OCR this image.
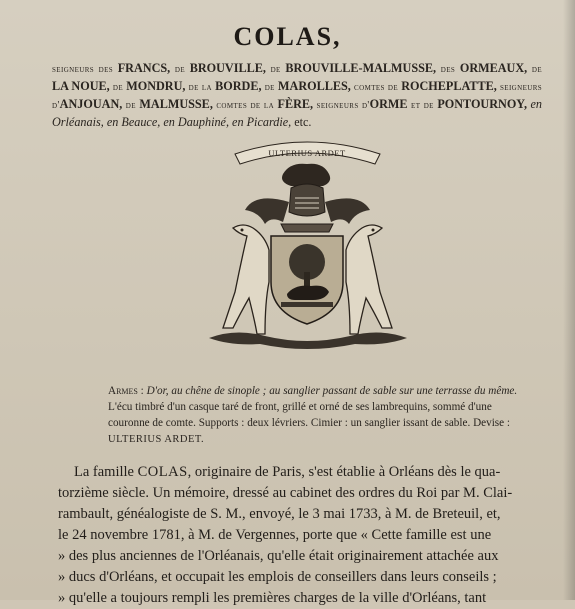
COLAS,
seigneurs des FRANCS, de BROUVILLE, de BROUVILLE-MALMUSSE, des ORMEAUX, de LA NOUE, de MONDRU, de la BORDE, de MAROLLES, comtes de ROCHEPLATTE, seigneurs d'ANJOUAN, de MALMUSSE, comtes de la FÈRE, seigneurs d'ORME et de PONTOURNOY, en Orléanais, en Beauce, en Dauphiné, en Picardie, etc.
ULTERIUS ARDET
Armes : D'or, au chêne de sinople ; au sanglier passant de sable sur une terrasse du même. L'écu timbré d'un casque taré de front, grillé et orné de ses lambrequins, sommé d'une couronne de comte. Supports : deux lévriers. Cimier : un sanglier issant de sable. Devise : ULTERIUS ARDET.

La famille COLAS, originaire de Paris, s'est établie à Orléans dès le qua-
torzième siècle. Un mémoire, dressé au cabinet des ordres du Roi par M. Clai-
rambault, généalogiste de S. M., envoyé, le 3 mai 1733, à M. de Breteuil, et,
le 24 novembre 1781, à M. de Vergennes, porte que « Cette famille est une
» des plus anciennes de l'Orléanais, qu'elle était originairement attachée aux
» ducs d'Orléans, et occupait les emplois de conseillers dans leurs conseils ;
» qu'elle a toujours rempli les premières charges de la ville d'Orléans, tant
